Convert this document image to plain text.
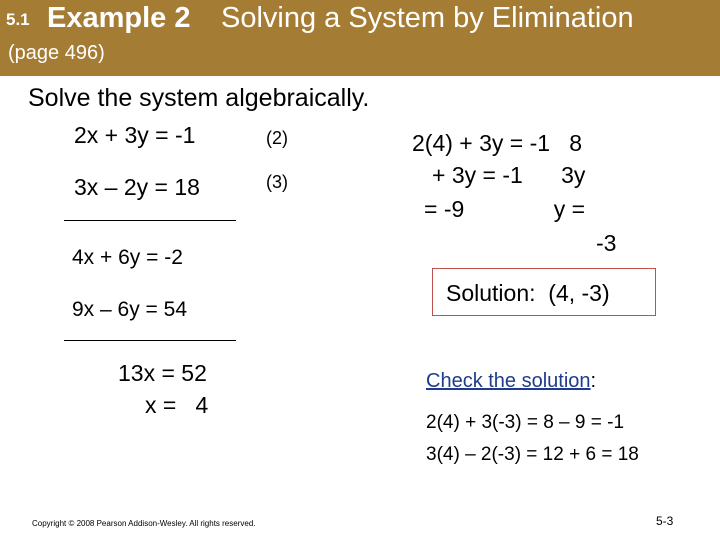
5.1 Example 2 Solving a System by Elimination
(page 496)
Solve the system algebraically.
2x + 3y = -1	(2)
3x – 2y = 18	(3)
4x + 6y = -2
9x – 6y = 54
13x = 52
x =   4
2(4) + 3y = -1   8
+ 3y = -1      3y
= -9              y =
-3
Solution:  (4, -3)
Check the solution:
2(4) + 3(-3) = 8 – 9 = -1
3(4) – 2(-3) = 12 + 6 = 18
Copyright © 2008 Pearson Addison-Wesley. All rights reserved.	5-3
